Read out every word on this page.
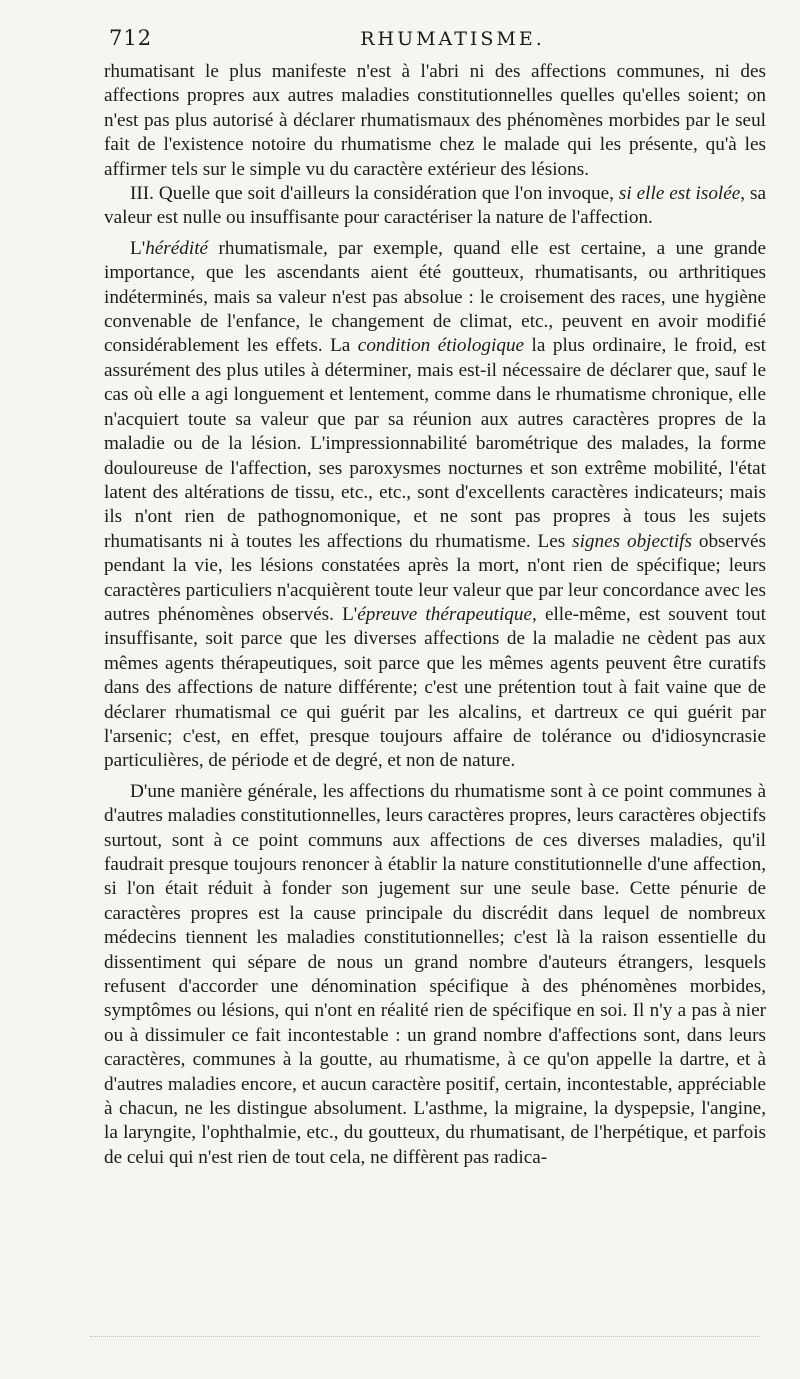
712	RHUMATISME.

rhumatisant le plus manifeste n'est à l'abri ni des affections communes, ni des affections propres aux autres maladies constitutionnelles quelles qu'elles soient; on n'est pas plus autorisé à déclarer rhumatismaux des phénomènes morbides par le seul fait de l'existence notoire du rhumatisme chez le malade qui les présente, qu'à les affirmer tels sur le simple vu du caractère extérieur des lésions.

III. Quelle que soit d'ailleurs la considération que l'on invoque, si elle est isolée, sa valeur est nulle ou insuffisante pour caractériser la nature de l'affection.

L'hérédité rhumatismale, par exemple, quand elle est certaine, a une grande importance, que les ascendants aient été goutteux, rhumatisants, ou arthritiques indéterminés, mais sa valeur n'est pas absolue : le croisement des races, une hygiène convenable de l'enfance, le changement de climat, etc., peuvent en avoir modifié considérablement les effets. La condition étiologique la plus ordinaire, le froid, est assurément des plus utiles à déterminer, mais est-il nécessaire de déclarer que, sauf le cas où elle a agi longuement et lentement, comme dans le rhumatisme chronique, elle n'acquiert toute sa valeur que par sa réunion aux autres caractères propres de la maladie ou de la lésion. L'impressionnabilité barométrique des malades, la forme douloureuse de l'affection, ses paroxysmes nocturnes et son extrême mobilité, l'état latent des altérations de tissu, etc., etc., sont d'excellents caractères indicateurs; mais ils n'ont rien de pathognomonique, et ne sont pas propres à tous les sujets rhumatisants ni à toutes les affections du rhumatisme. Les signes objectifs observés pendant la vie, les lésions constatées après la mort, n'ont rien de spécifique; leurs caractères particuliers n'acquièrent toute leur valeur que par leur concordance avec les autres phénomènes observés. L'épreuve thérapeutique, elle-même, est souvent tout insuffisante, soit parce que les diverses affections de la maladie ne cèdent pas aux mêmes agents thérapeutiques, soit parce que les mêmes agents peuvent être curatifs dans des affections de nature différente; c'est une prétention tout à fait vaine que de déclarer rhumatismal ce qui guérit par les alcalins, et dartreux ce qui guérit par l'arsenic; c'est, en effet, presque toujours affaire de tolérance ou d'idiosyncrasie particulières, de période et de degré, et non de nature.

D'une manière générale, les affections du rhumatisme sont à ce point communes à d'autres maladies constitutionnelles, leurs caractères propres, leurs caractères objectifs surtout, sont à ce point communs aux affections de ces diverses maladies, qu'il faudrait presque toujours renoncer à établir la nature constitutionnelle d'une affection, si l'on était réduit à fonder son jugement sur une seule base. Cette pénurie de caractères propres est la cause principale du discrédit dans lequel de nombreux médecins tiennent les maladies constitutionnelles; c'est là la raison essentielle du dissentiment qui sépare de nous un grand nombre d'auteurs étrangers, lesquels refusent d'accorder une dénomination spécifique à des phénomènes morbides, symptômes ou lésions, qui n'ont en réalité rien de spécifique en soi. Il n'y a pas à nier ou à dissimuler ce fait incontestable : un grand nombre d'affections sont, dans leurs caractères, communes à la goutte, au rhumatisme, à ce qu'on appelle la dartre, et à d'autres maladies encore, et aucun caractère positif, certain, incontestable, appréciable à chacun, ne les distingue absolument. L'asthme, la migraine, la dyspepsie, l'angine, la laryngite, l'ophthalmie, etc., du goutteux, du rhumatisant, de l'herpétique, et parfois de celui qui n'est rien de tout cela, ne diffèrent pas radica-
